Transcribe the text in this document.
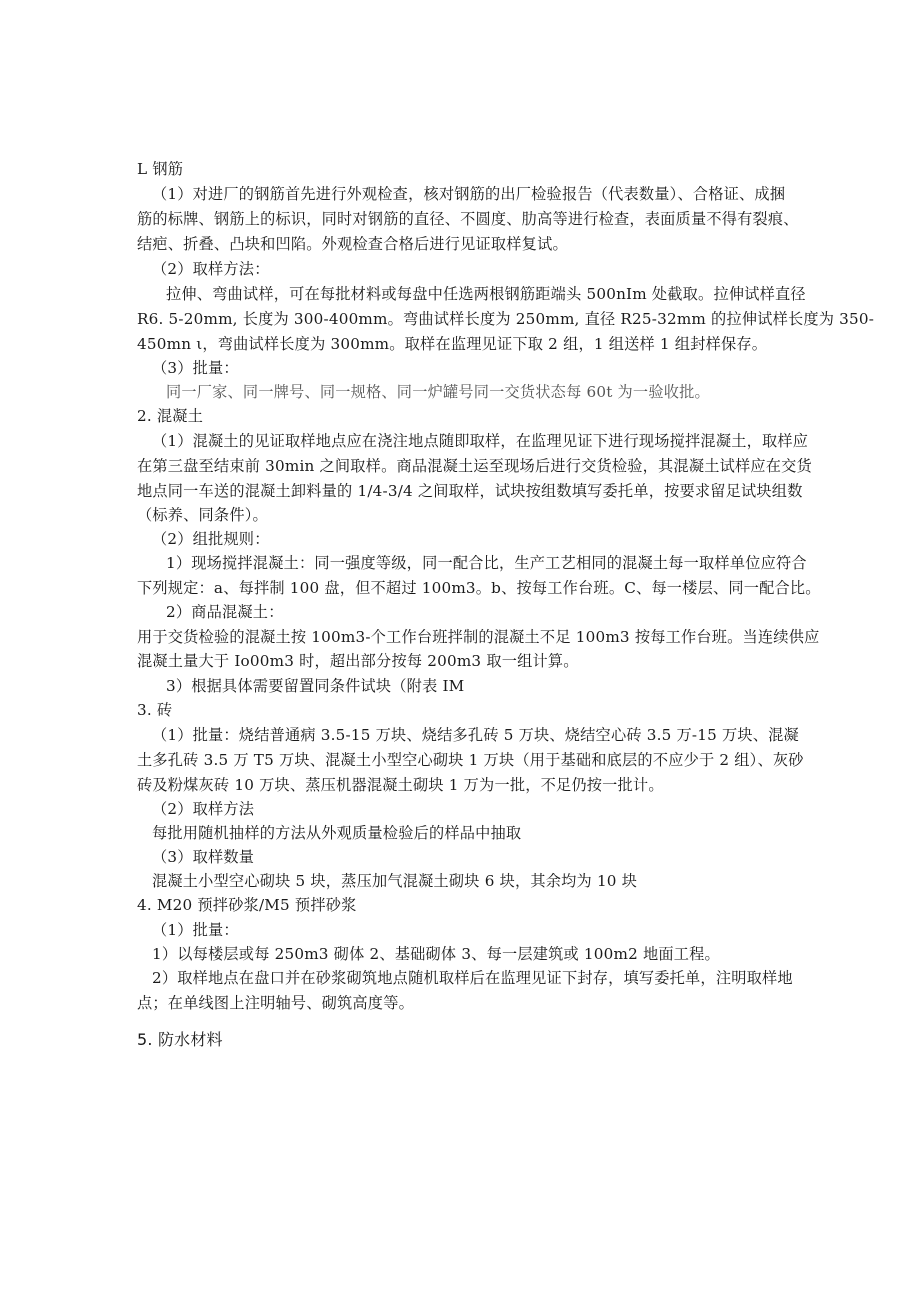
L 钢筋
（1）对进厂的钢筋首先进行外观检查，核对钢筋的出厂检验报告（代表数量）、合格证、成捆
筋的标牌、钢筋上的标识，同时对钢筋的直径、不圆度、肋高等进行检查，表面质量不得有裂痕、
结疤、折叠、凸块和凹陷。外观检查合格后进行见证取样复试。
（2）取样方法：
拉伸、弯曲试样，可在每批材料或每盘中任选两根钢筋距端头 500nIm 处截取。拉伸试样直径
R6. 5-20mm, 长度为 300-400mm。弯曲试样长度为 250mm, 直径 R25-32mm 的拉伸试样长度为 350-
450mn ι，弯曲试样长度为 300mm。取样在监理见证下取 2 组，1 组送样 1 组封样保存。
（3）批量：
同一厂家、同一牌号、同一规格、同一炉罐号同一交货状态每 60t 为一验收批。
2. 混凝土
（1）混凝土的见证取样地点应在浇注地点随即取样，在监理见证下进行现场搅拌混凝土，取样应
在第三盘至结束前 30min 之间取样。商品混凝土运至现场后进行交货检验，其混凝土试样应在交货
地点同一车送的混凝土卸料量的 1/4-3/4 之间取样，试块按组数填写委托单，按要求留足试块组数
（标养、同条件）。
（2）组批规则：
1）现场搅拌混凝土：同一强度等级，同一配合比，生产工艺相同的混凝土每一取样单位应符合
下列规定：a、每拌制 100 盘，但不超过 100m3。b、按每工作台班。C、每一楼层、同一配合比。
2）商品混凝土：
用于交货检验的混凝土按 100m3-个工作台班拌制的混凝土不足 100m3 按每工作台班。当连续供应
混凝土量大于 Io00m3 时，超出部分按每 200m3 取一组计算。
3）根据具体需要留置同条件试块（附表 IM
3. 砖
（1）批量：烧结普通病 3.5-15 万块、烧结多孔砖 5 万块、烧结空心砖 3.5 万-15 万块、混凝
土多孔砖 3.5 万 T5 万块、混凝土小型空心砌块 1 万块（用于基础和底层的不应少于 2 组）、灰砂
砖及粉煤灰砖 10 万块、蒸压机器混凝土砌块 1 万为一批，不足仍按一批计。
（2）取样方法
每批用随机抽样的方法从外观质量检验后的样品中抽取
（3）取样数量
混凝土小型空心砌块 5 块，蒸压加气混凝土砌块 6 块，其余均为 10 块
4. M20 预拌砂浆/M5 预拌砂浆
（1）批量：
1）以每楼层或每 250m3 砌体 2、基础砌体 3、每一层建筑或 100m2 地面工程。
2）取样地点在盘口并在砂浆砌筑地点随机取样后在监理见证下封存，填写委托单，注明取样地
点；在单线图上注明轴号、砌筑高度等。
5. 防水材料
